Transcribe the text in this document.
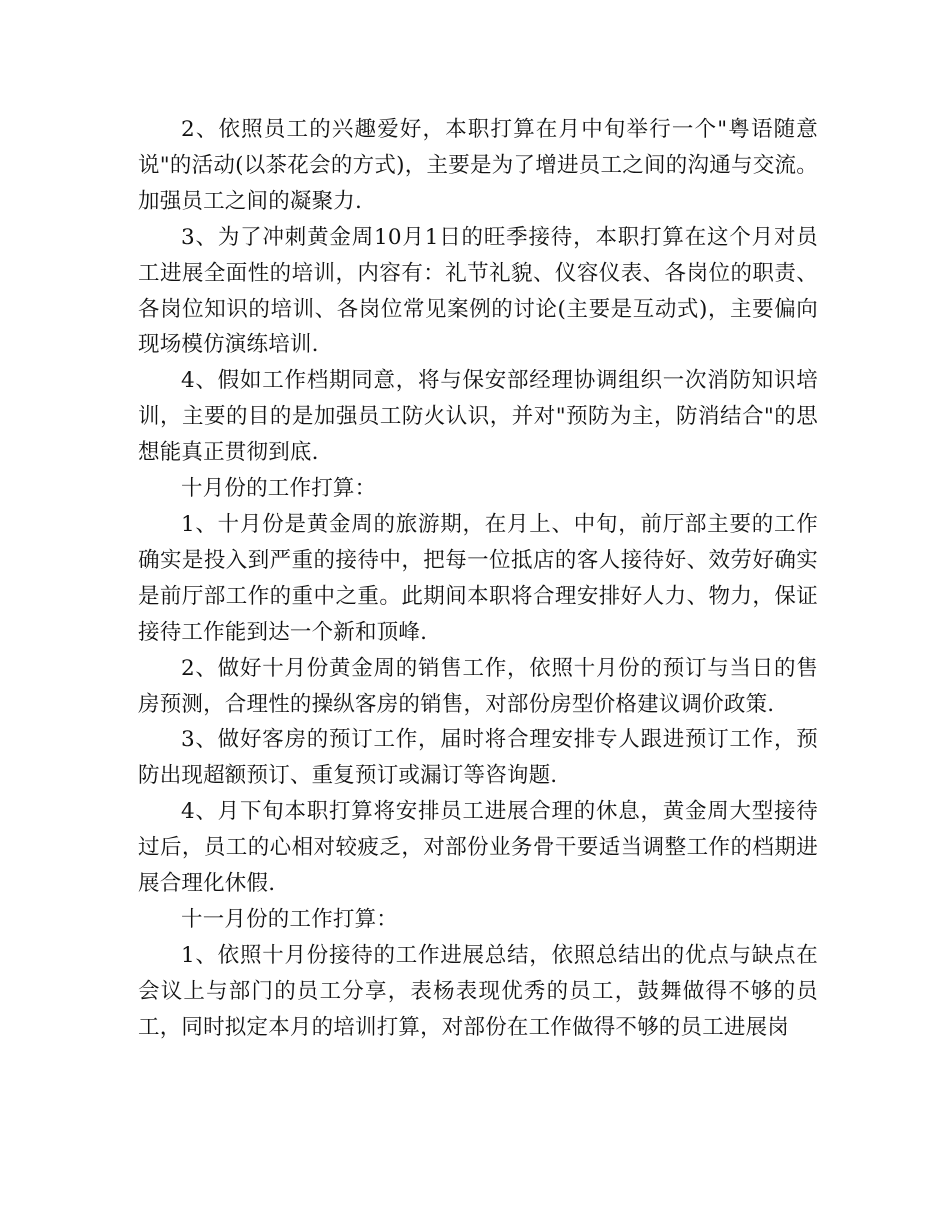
2、依照员工的兴趣爱好，本职打算在月中旬举行一个"粤语随意说"的活动(以茶花会的方式)，主要是为了增进员工之间的沟通与交流。加强员工之间的凝聚力.

3、为了冲刺黄金周10月1日的旺季接待，本职打算在这个月对员工进展全面性的培训，内容有：礼节礼貌、仪容仪表、各岗位的职责、各岗位知识的培训、各岗位常见案例的讨论(主要是互动式)，主要偏向现场模仿演练培训.

4、假如工作档期同意，将与保安部经理协调组织一次消防知识培训，主要的目的是加强员工防火认识，并对"预防为主，防消结合"的思想能真正贯彻到底.

十月份的工作打算：

1、十月份是黄金周的旅游期，在月上、中旬，前厅部主要的工作确实是投入到严重的接待中，把每一位抵店的客人接待好、效劳好确实是前厅部工作的重中之重。此期间本职将合理安排好人力、物力，保证接待工作能到达一个新和顶峰.

2、做好十月份黄金周的销售工作，依照十月份的预订与当日的售房预测，合理性的操纵客房的销售，对部份房型价格建议调价政策.

3、做好客房的预订工作，届时将合理安排专人跟进预订工作，预防出现超额预订、重复预订或漏订等咨询题.

4、月下旬本职打算将安排员工进展合理的休息，黄金周大型接待过后，员工的心相对较疲乏，对部份业务骨干要适当调整工作的档期进展合理化休假.

十一月份的工作打算：

1、依照十月份接待的工作进展总结，依照总结出的优点与缺点在会议上与部门的员工分享，表杨表现优秀的员工，鼓舞做得不够的员工，同时拟定本月的培训打算，对部份在工作做得不够的员工进展岗
